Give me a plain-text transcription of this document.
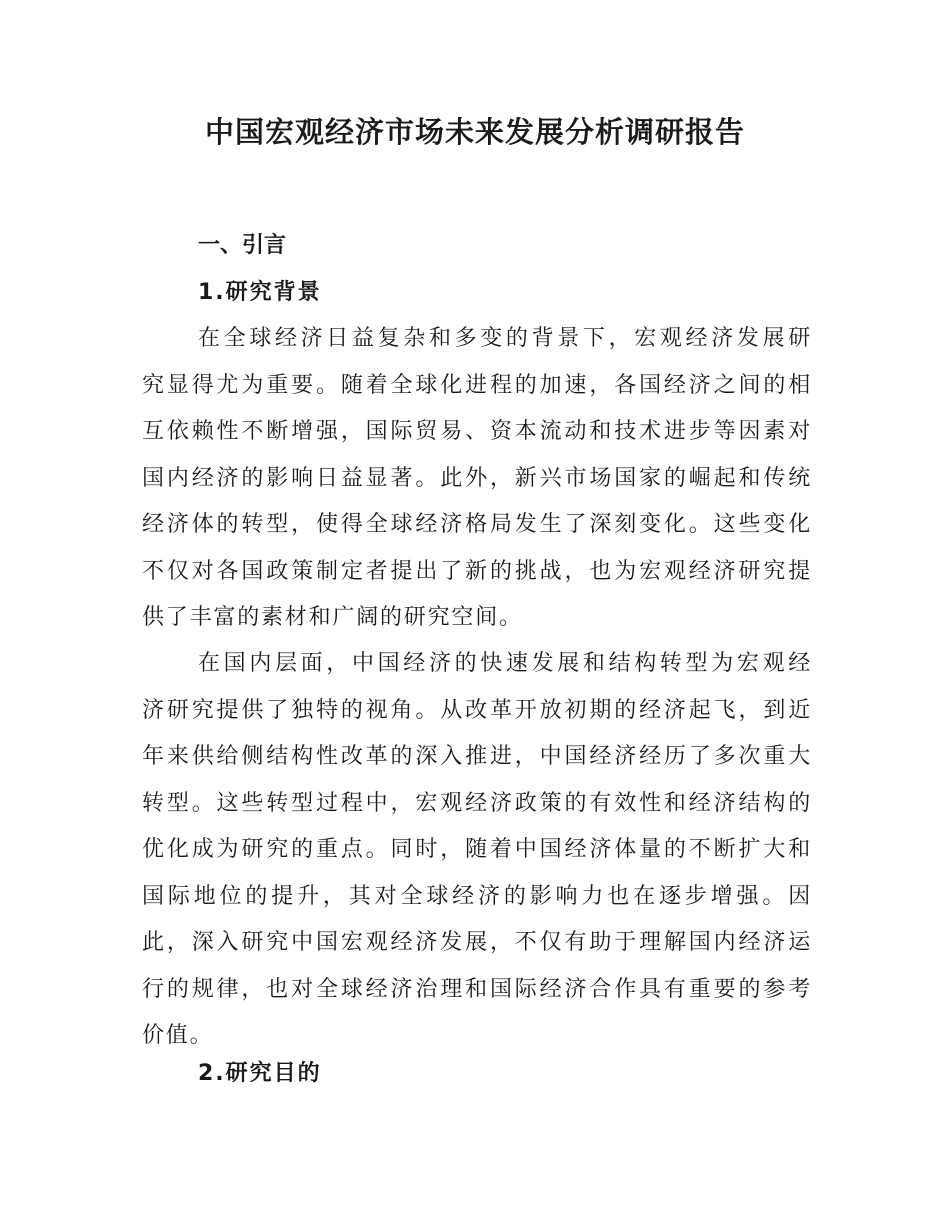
中国宏观经济市场未来发展分析调研报告
一、引言
1.研究背景
在全球经济日益复杂和多变的背景下，宏观经济发展研
究显得尤为重要。随着全球化进程的加速，各国经济之间的相
互依赖性不断增强，国际贸易、资本流动和技术进步等因素对
国内经济的影响日益显著。此外，新兴市场国家的崛起和传统
经济体的转型，使得全球经济格局发生了深刻变化。这些变化
不仅对各国政策制定者提出了新的挑战，也为宏观经济研究提
供了丰富的素材和广阔的研究空间。
在国内层面，中国经济的快速发展和结构转型为宏观经
济研究提供了独特的视角。从改革开放初期的经济起飞，到近
年来供给侧结构性改革的深入推进，中国经济经历了多次重大
转型。这些转型过程中，宏观经济政策的有效性和经济结构的
优化成为研究的重点。同时，随着中国经济体量的不断扩大和
国际地位的提升，其对全球经济的影响力也在逐步增强。因
此，深入研究中国宏观经济发展，不仅有助于理解国内经济运
行的规律，也对全球经济治理和国际经济合作具有重要的参考
价值。
2.研究目的
